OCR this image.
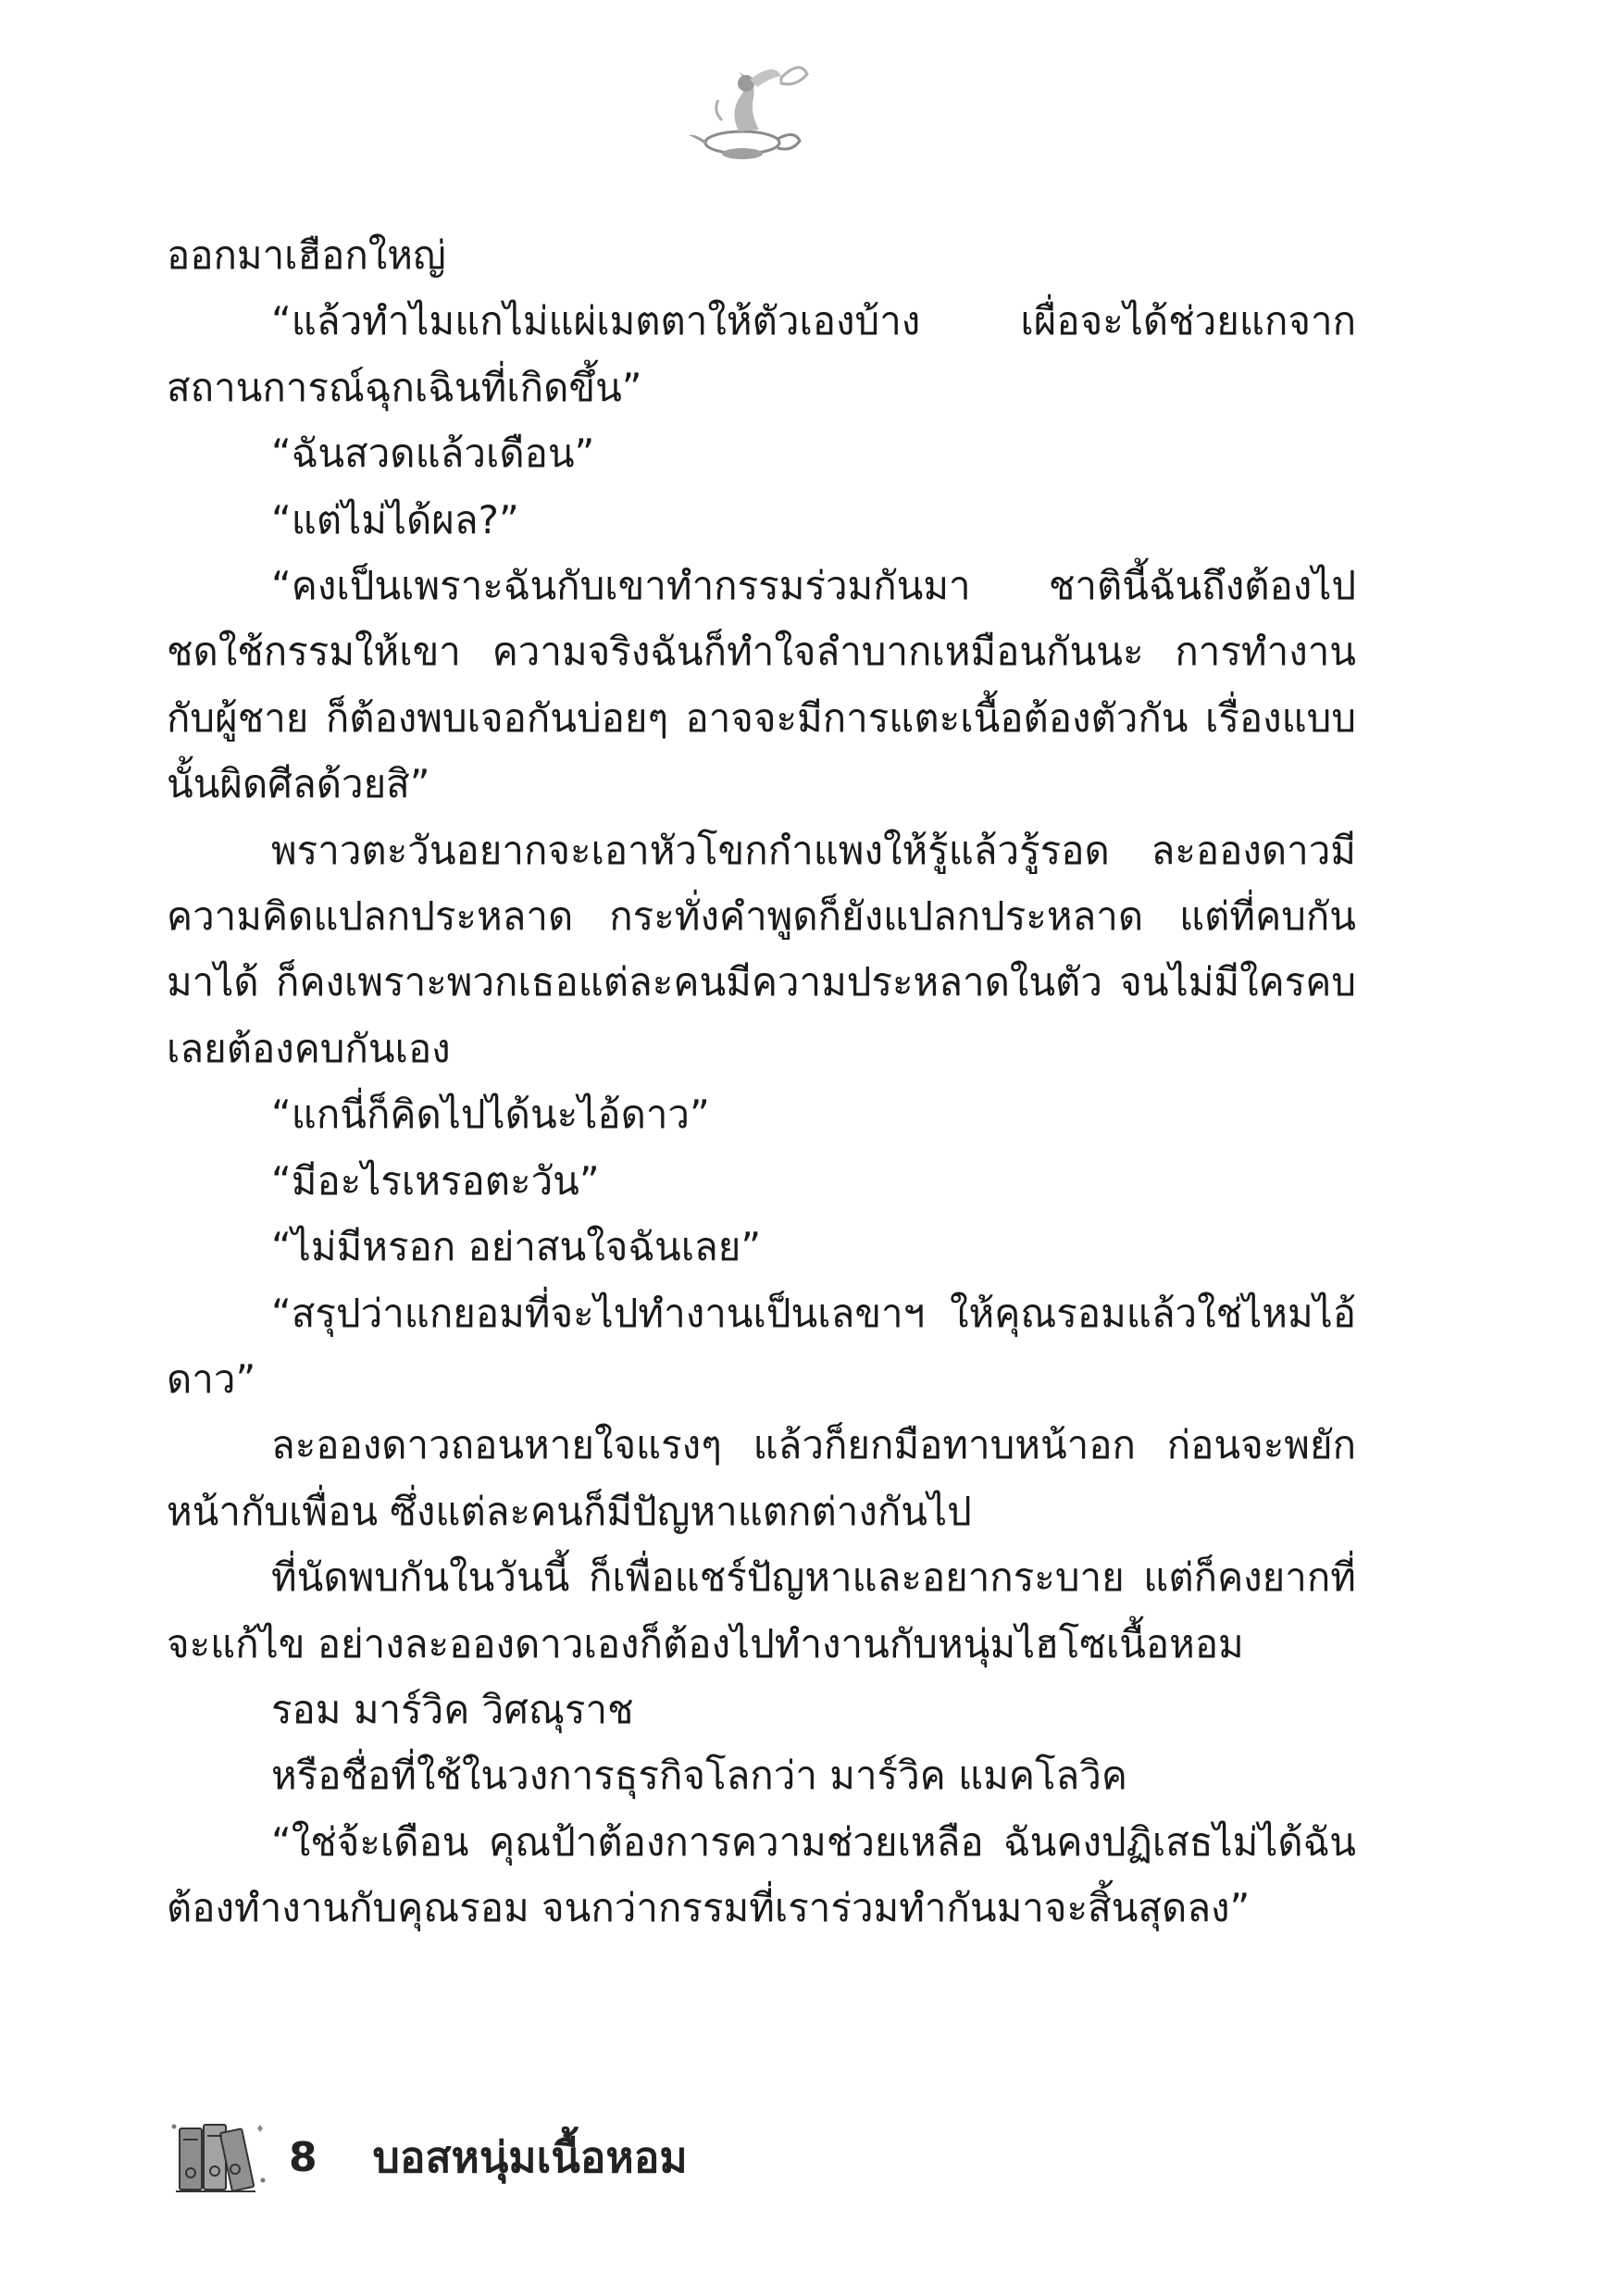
ออกมาเฮือกใหญ่

“แล้วทำไมแกไม่แผ่เมตตาให้ตัวเองบ้าง เผื่อจะได้ช่วยแกจากสถานการณ์ฉุกเฉินที่เกิดขึ้น”

“ฉันสวดแล้วเดือน”

“แต่ไม่ได้ผล?”

“คงเป็นเพราะฉันกับเขาทำกรรมร่วมกันมา ชาตินี้ฉันถึงต้องไปชดใช้กรรมให้เขา ความจริงฉันก็ทำใจลำบากเหมือนกันนะ การทำงานกับผู้ชาย ก็ต้องพบเจอกันบ่อยๆ อาจจะมีการแตะเนื้อต้องตัวกัน เรื่องแบบนั้นผิดศีลด้วยสิ”

พราวตะวันอยากจะเอาหัวโขกกำแพงให้รู้แล้วรู้รอด ละอองดาวมีความคิดแปลกประหลาด กระทั่งคำพูดก็ยังแปลกประหลาด แต่ที่คบกันมาได้ ก็คงเพราะพวกเธอแต่ละคนมีความประหลาดในตัว จนไม่มีใครคบเลยต้องคบกันเอง

“แกนี่ก็คิดไปได้นะไอ้ดาว”

“มีอะไรเหรอตะวัน”

“ไม่มีหรอก อย่าสนใจฉันเลย”

“สรุปว่าแกยอมที่จะไปทำงานเป็นเลขาฯ ให้คุณรอมแล้วใช่ไหมไอ้ดาว”

ละอองดาวถอนหายใจแรงๆ แล้วก็ยกมือทาบหน้าอก ก่อนจะพยักหน้ากับเพื่อน ซึ่งแต่ละคนก็มีปัญหาแตกต่างกันไป

ที่นัดพบกันในวันนี้ ก็เพื่อแชร์ปัญหาและอยากระบาย แต่ก็คงยากที่จะแก้ไข อย่างละอองดาวเองก็ต้องไปทำงานกับหนุ่มไฮโซเนื้อหอม

รอม มาร์วิค วิศณุราช

หรือชื่อที่ใช้ในวงการธุรกิจโลกว่า มาร์วิค แมคโลวิค

“ใช่จ้ะเดือน คุณป้าต้องการความช่วยเหลือ ฉันคงปฏิเสธไม่ได้ฉันต้องทำงานกับคุณรอม จนกว่ากรรมที่เราร่วมทำกันมาจะสิ้นสุดลง”

8 บอสหนุ่มเนื้อหอม
